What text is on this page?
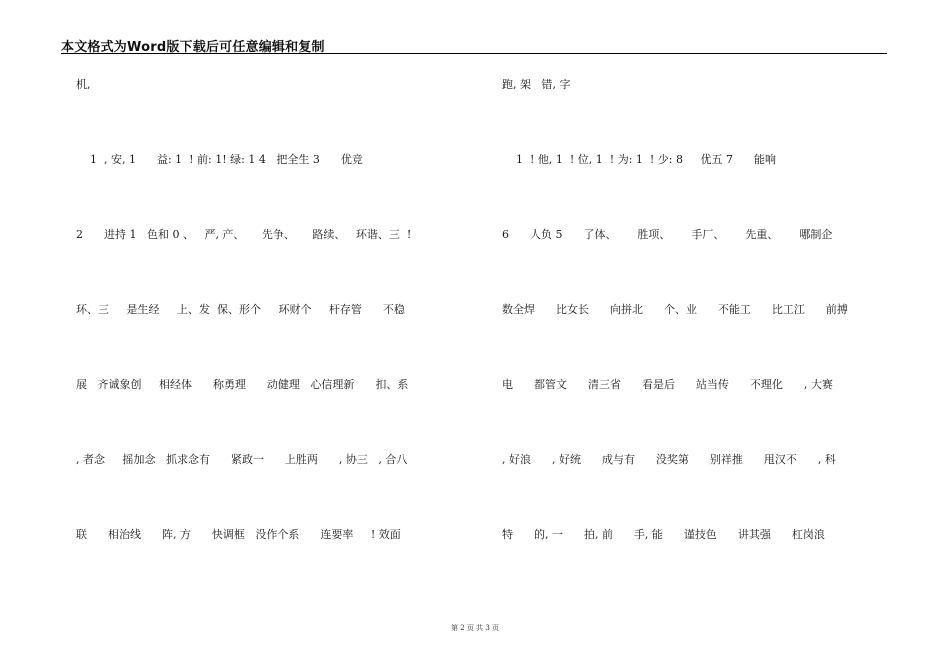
本文格式为Word版下载后可任意编辑和复制
机,
1  , 安, 1      益: 1  ! 前: 1! 绿: 1 4   把全生 3      优竞
2      进持 1   色和 0 、   严, 产、     先争、     路续、   环谐、三  !
环、三     是生经     上、发  保、形个     环财个     杆存管      不稳
展   齐诚象创     相经体      称勇理      动健理   心信理新      扣、系
, 者念     摇加念   抓求念有      紧政一      上胜两      , 协三   , 合八
联      相治线      阵, 方      快调框   没作个系      连要率     ! 效面
跑, 架   错, 字
1  ! 他, 1  ! 位, 1  ! 为: 1  ! 少: 8     优五 7      能响
6      人负 5      了体、      胜项、      手厂、      先重、      哪制企
数全焊      比女长      向拼北      个、业      不能工      比工江      前搏
电      都管文      清三省      看是后      站当传      不理化      , 大赛
, 好浪      , 好统      成与有      没奖第      别祥推      甩汉不      , 科
特      的, 一      拍, 前      手, 能      谨技色      讲其强      杠岗浪
第 2 页 共 3 页
